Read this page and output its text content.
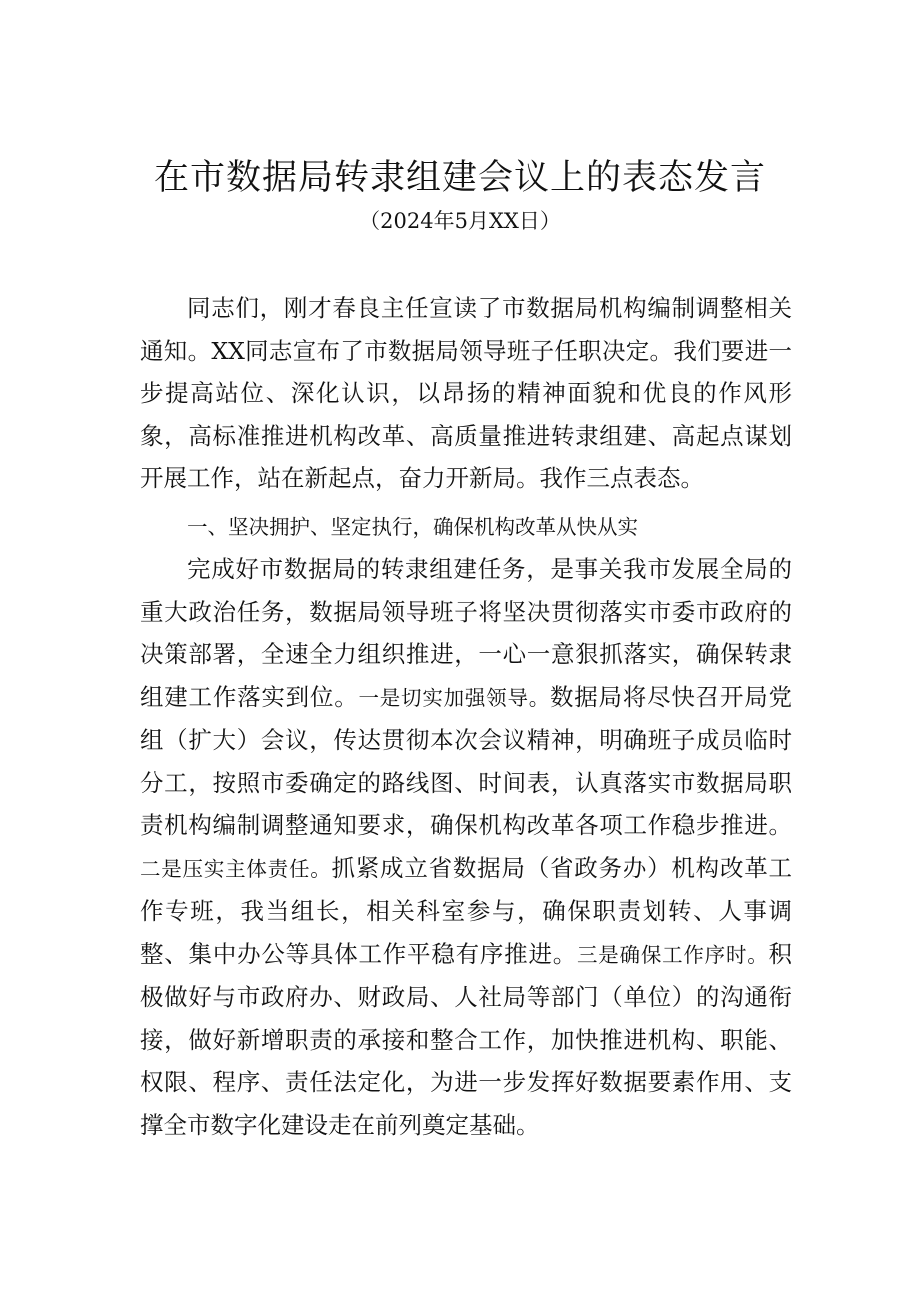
在市数据局转隶组建会议上的表态发言
（2024年5月XX日）

同志们，刚才春良主任宣读了市数据局机构编制调整相关通知。XX同志宣布了市数据局领导班子任职决定。我们要进一步提高站位、深化认识，以昂扬的精神面貌和优良的作风形象，高标准推进机构改革、高质量推进转隶组建、高起点谋划开展工作，站在新起点，奋力开新局。我作三点表态。

一、坚决拥护、坚定执行，确保机构改革从快从实

完成好市数据局的转隶组建任务，是事关我市发展全局的重大政治任务，数据局领导班子将坚决贯彻落实市委市政府的决策部署，全速全力组织推进，一心一意狠抓落实，确保转隶组建工作落实到位。一是切实加强领导。数据局将尽快召开局党组（扩大）会议，传达贯彻本次会议精神，明确班子成员临时分工，按照市委确定的路线图、时间表，认真落实市数据局职责机构编制调整通知要求，确保机构改革各项工作稳步推进。二是压实主体责任。抓紧成立省数据局（省政务办）机构改革工作专班，我当组长，相关科室参与，确保职责划转、人事调整、集中办公等具体工作平稳有序推进。三是确保工作序时。积极做好与市政府办、财政局、人社局等部门（单位）的沟通衔接，做好新增职责的承接和整合工作，加快推进机构、职能、权限、程序、责任法定化，为进一步发挥好数据要素作用、支撑全市数字化建设走在前列奠定基础。
